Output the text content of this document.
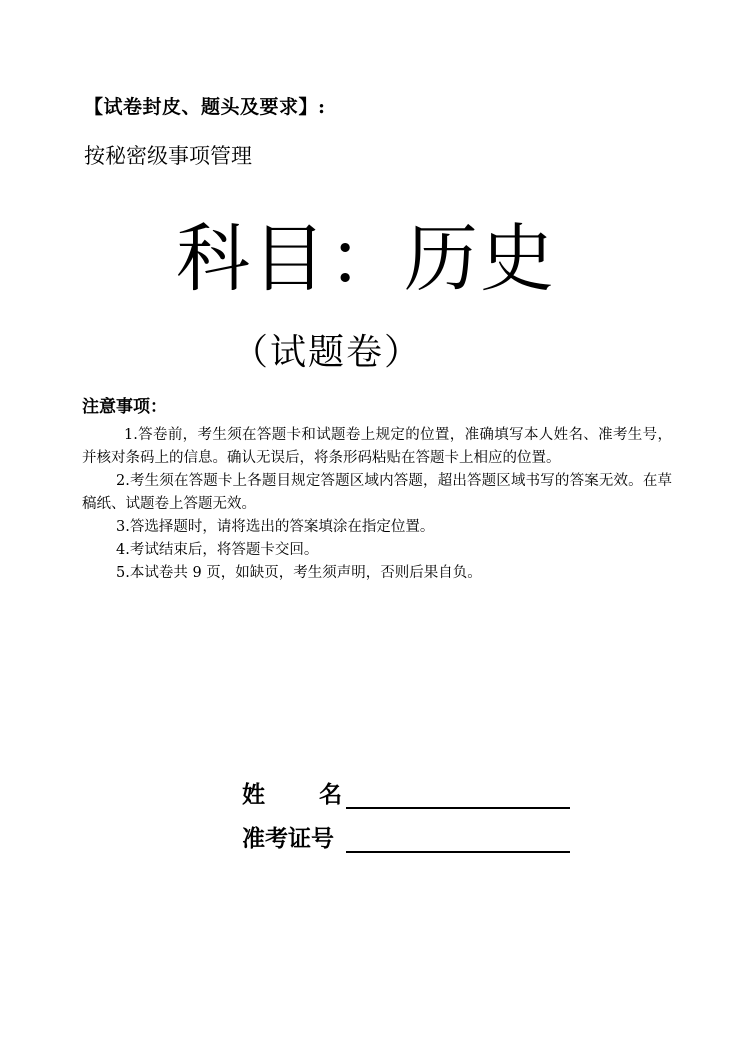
【试卷封皮、题头及要求】:
按秘密级事项管理
科目：历史
（试题卷）
注意事项：

1.答卷前，考生须在答题卡和试题卷上规定的位置，准确填写本人姓名、准考生号，并核对条码上的信息。确认无误后，将条形码粘贴在答题卡上相应的位置。

2.考生须在答题卡上各题目规定答题区域内答题，超出答题区域书写的答案无效。在草稿纸、试题卷上答题无效。

3.答选择题时，请将选出的答案填涂在指定位置。

4.考试结束后，将答题卡交回。

5.本试卷共 9 页，如缺页，考生须声明，否则后果自负。

姓 名
准考证号
